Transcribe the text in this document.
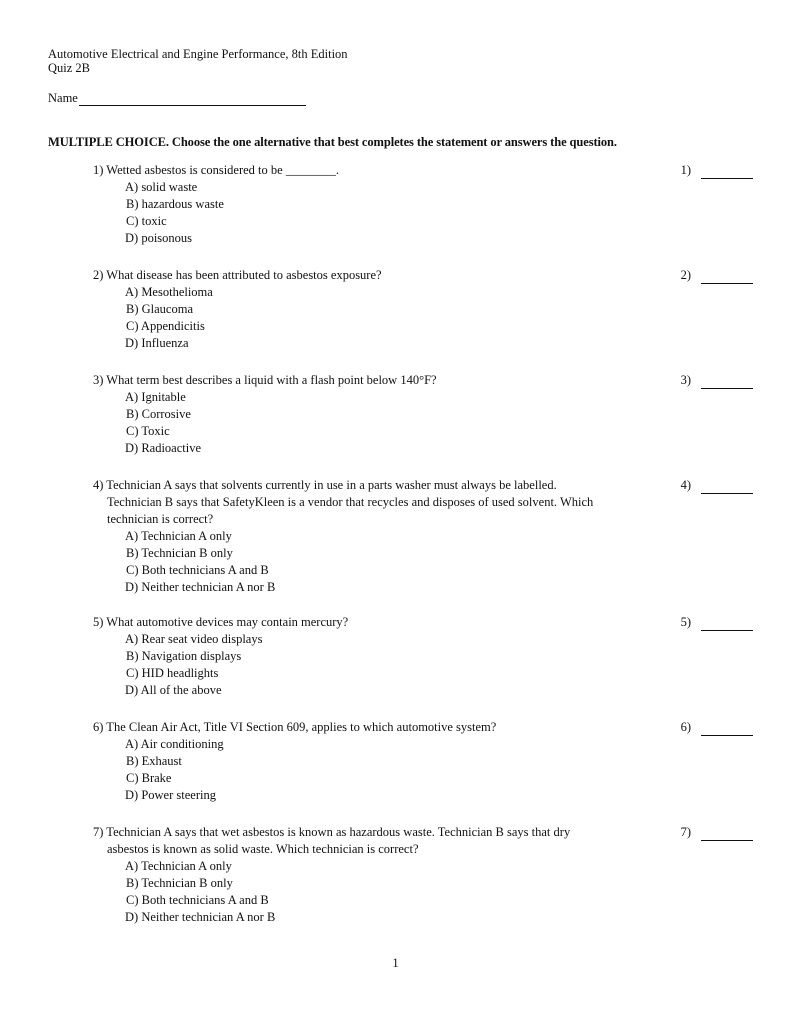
Automotive Electrical and Engine Performance, 8th Edition
Quiz 2B
Name
MULTIPLE CHOICE. Choose the one alternative that best completes the statement or answers the question.
1) Wetted asbestos is considered to be ________.
A) solid waste
B) hazardous waste
C) toxic
D) poisonous
1)
2) What disease has been attributed to asbestos exposure?
A) Mesothelioma
B) Glaucoma
C) Appendicitis
D) Influenza
2)
3) What term best describes a liquid with a flash point below 140°F?
A) Ignitable
B) Corrosive
C) Toxic
D) Radioactive
3)
4) Technician A says that solvents currently in use in a parts washer must always be labelled.
Technician B says that SafetyKleen is a vendor that recycles and disposes of used solvent. Which
technician is correct?
A) Technician A only
B) Technician B only
C) Both technicians A and B
D) Neither technician A nor B
4)
5) What automotive devices may contain mercury?
A) Rear seat video displays
B) Navigation displays
C) HID headlights
D) All of the above
5)
6) The Clean Air Act, Title VI Section 609, applies to which automotive system?
A) Air conditioning
B) Exhaust
C) Brake
D) Power steering
6)
7) Technician A says that wet asbestos is known as hazardous waste. Technician B says that dry
asbestos is known as solid waste. Which technician is correct?
A) Technician A only
B) Technician B only
C) Both technicians A and B
D) Neither technician A nor B
7)
1
